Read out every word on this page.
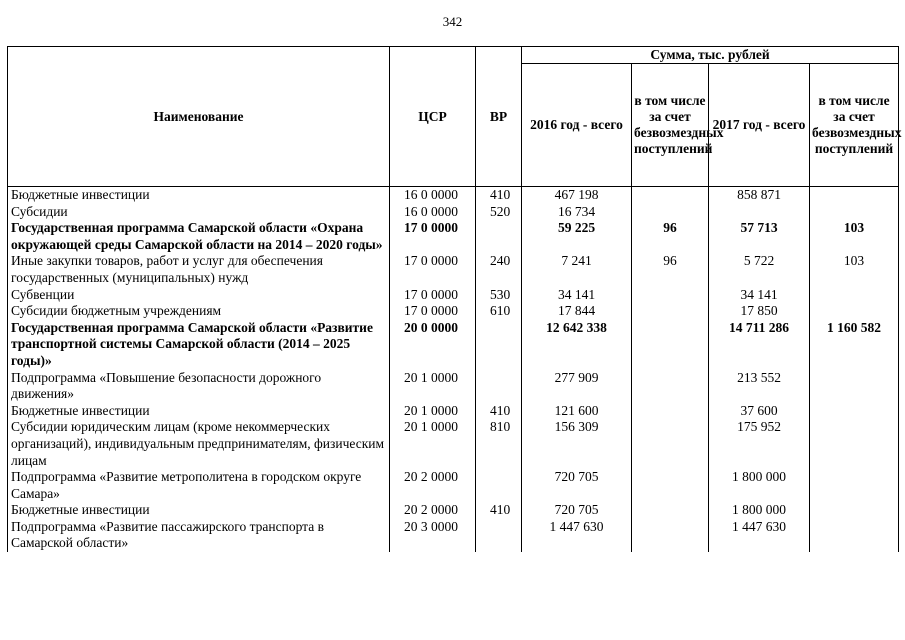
342
Наименование	ЦСР	ВР	Сумма, тыс. рублей			
			2016 год - всего	в том числе за счет безвозмездных поступлений	2017 год - всего	в том числе за счет безвозмездных поступлений
Бюджетные инвестиции	16 0 0000	410	467 198		858 871	
Субсидии	16 0 0000	520	16 734			
Государственная программа Самарской области «Охрана окружающей среды Самарской области на 2014 – 2020 годы»	17 0 0000		59 225	96	57 713	103
Иные закупки товаров, работ и услуг для обеспечения государственных (муниципальных) нужд	17 0 0000	240	7 241	96	5 722	103
Субвенции	17 0 0000	530	34 141		34 141	
Субсидии бюджетным учреждениям	17 0 0000	610	17 844		17 850	
Государственная программа Самарской области «Развитие транспортной системы Самарской области (2014 – 2025 годы)»	20 0 0000		12 642 338		14 711 286	1 160 582
Подпрограмма «Повышение безопасности дорожного движения»	20 1 0000		277 909		213 552	
Бюджетные инвестиции	20 1 0000	410	121 600		37 600	
Субсидии юридическим лицам (кроме некоммерческих организаций), индивидуальным предпринимателям, физическим лицам	20 1 0000	810	156 309		175 952	
Подпрограмма «Развитие метрополитена в городском округе Самара»	20 2 0000		720 705		1 800 000	
Бюджетные инвестиции	20 2 0000	410	720 705		1 800 000	
Подпрограмма «Развитие пассажирского транспорта в Самарской области»	20 3 0000		1 447 630		1 447 630	
